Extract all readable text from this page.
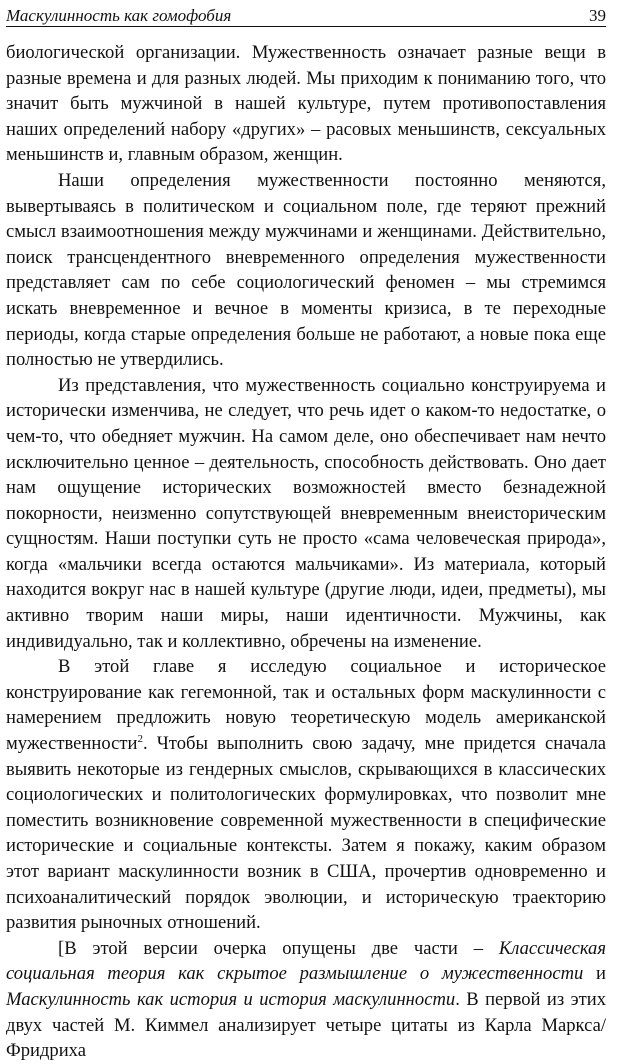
Маскулинность как гомофобия	39

биологической организации. Мужественность означает разные вещи в разные времена и для разных людей. Мы приходим к пониманию того, что значит быть мужчиной в нашей культуре, путем противопоставления наших определений набору «других» – расовых меньшинств, сексуальных меньшинств и, главным образом, женщин.

Наши определения мужественности постоянно меняются, вывертываясь в политическом и социальном поле, где теряют прежний смысл взаимоотношения между мужчинами и женщинами. Действительно, поиск трансцендентного вневременного определения мужественности представляет сам по себе социологический феномен – мы стремимся искать вневременное и вечное в моменты кризиса, в те переходные периоды, когда старые определения больше не работают, а новые пока еще полностью не утвердились.

Из представления, что мужественность социально конструируема и исторически изменчива, не следует, что речь идет о каком-то недостатке, о чем-то, что обедняет мужчин. На самом деле, оно обеспечивает нам нечто исключительно ценное – деятельность, способность действовать. Оно дает нам ощущение исторических возможностей вместо безнадежной покорности, неизменно сопутствующей вневременным внеисторическим сущностям. Наши поступки суть не просто «сама человеческая природа», когда «мальчики всегда остаются мальчиками». Из материала, который находится вокруг нас в нашей культуре (другие люди, идеи, предметы), мы активно творим наши миры, наши идентичности. Мужчины, как индивидуально, так и коллективно, обречены на изменение.

В этой главе я исследую социальное и историческое конструирование как гегемонной, так и остальных форм маскулинности с намерением предложить новую теоретическую модель американской мужественности$^2$. Чтобы выполнить свою задачу, мне придется сначала выявить некоторые из гендерных смыслов, скрывающихся в классических социологических и политологических формулировках, что позволит мне поместить возникновение современной мужественности в специфические исторические и социальные контексты. Затем я покажу, каким образом этот вариант маскулинности возник в США, прочертив одновременно и психоаналитический порядок эволюции, и историческую траекторию развития рыночных отношений.

[В этой версии очерка опущены две части – Классическая социальная теория как скрытое размышление о мужественности и Маскулинность как история и история маскулинности. В первой из этих двух частей М. Киммел анализирует четыре цитаты из Карла Маркса/Фридриха
